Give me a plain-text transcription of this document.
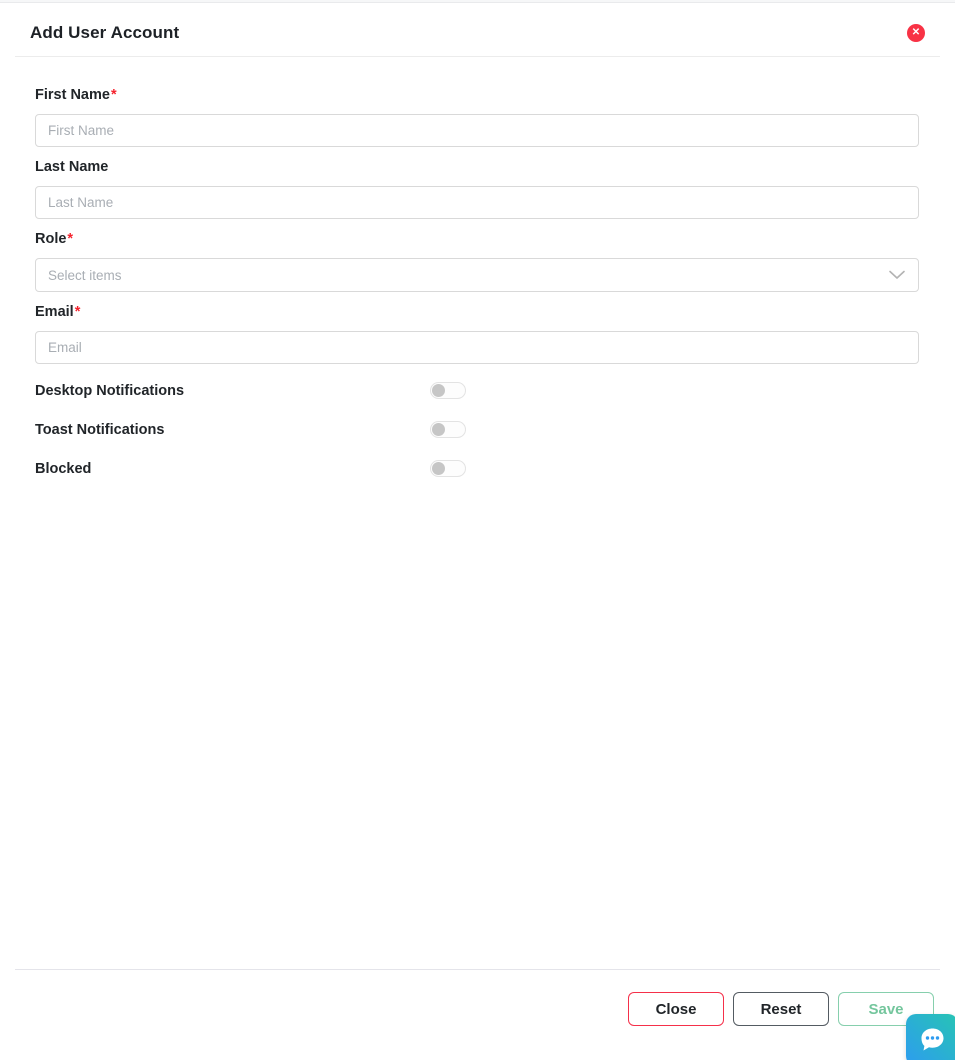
Add User Account	✕
First Name*
First Name
Last Name
Last Name
Role*
Select items
Email*
Email
Desktop Notifications
Toast Notifications
Blocked
Close	Reset	Save
